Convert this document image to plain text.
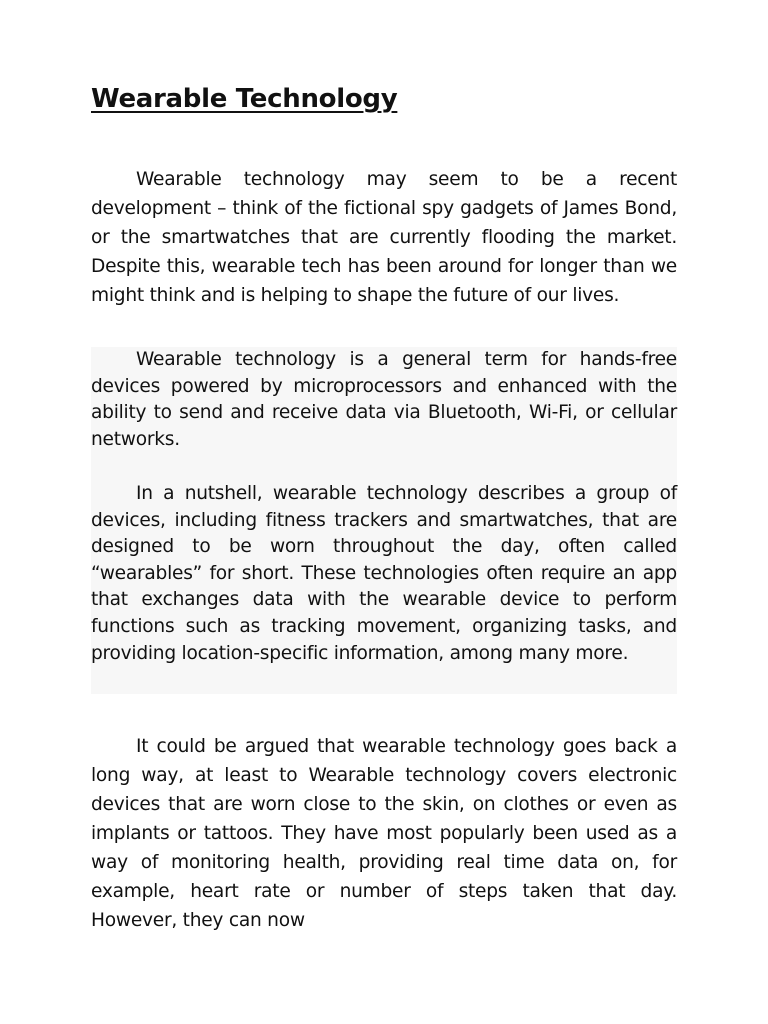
Wearable Technology

Wearable technology may seem to be a recent development – think of the fictional spy gadgets of James Bond, or the smartwatches that are currently flooding the market. Despite this, wearable tech has been around for longer than we might think and is helping to shape the future of our lives.

Wearable technology is a general term for hands-free devices powered by microprocessors and enhanced with the ability to send and receive data via Bluetooth, Wi-Fi, or cellular networks.

In a nutshell, wearable technology describes a group of devices, including fitness trackers and smartwatches, that are designed to be worn throughout the day, often called “wearables” for short. These technologies often require an app that exchanges data with the wearable device to perform functions such as tracking movement, organizing tasks, and providing location-specific information, among many more.

It could be argued that wearable technology goes back a long way, at least to Wearable technology covers electronic devices that are worn close to the skin, on clothes or even as implants or tattoos. They have most popularly been used as a way of monitoring health, providing real time data on, for example, heart rate or number of steps taken that day. However, they can now
